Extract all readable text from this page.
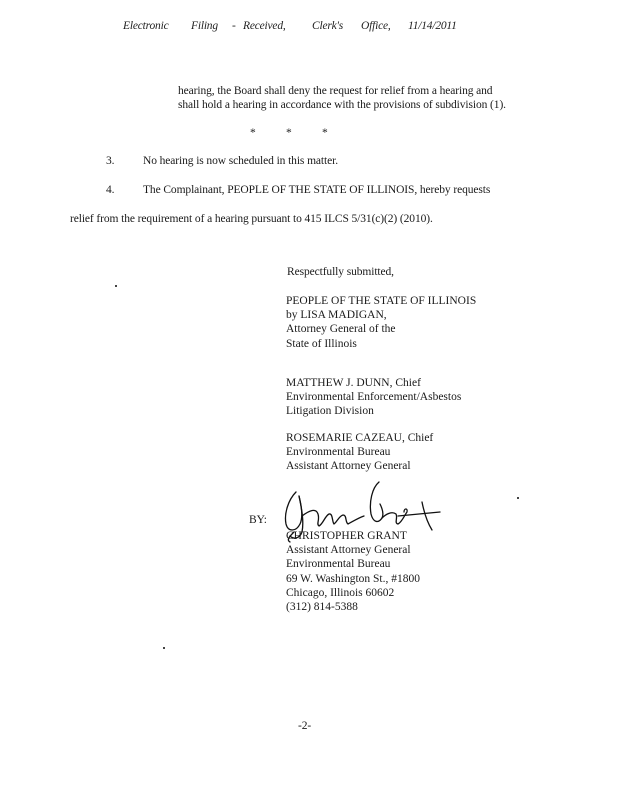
Electronic Filing - Received, Clerk's Office, 11/14/2011
hearing, the Board shall deny the request for relief from a hearing and
shall hold a hearing in accordance with the provisions of subdivision (1).
*	*	*
3. No hearing is now scheduled in this matter.
4. The Complainant, PEOPLE OF THE STATE OF ILLINOIS, hereby requests
relief from the requirement of a hearing pursuant to 415 ILCS 5/31(c)(2) (2010).
Respectfully submitted,
PEOPLE OF THE STATE OF ILLINOIS
by LISA MADIGAN,
Attorney General of the
State of Illinois
MATTHEW J. DUNN, Chief
Environmental Enforcement/Asbestos
Litigation Division
ROSEMARIE CAZEAU, Chief
Environmental Bureau
Assistant Attorney General
BY:
CHRISTOPHER GRANT
Assistant Attorney General
Environmental Bureau
69 W. Washington St., #1800
Chicago, Illinois 60602
(312) 814-5388
-2-
